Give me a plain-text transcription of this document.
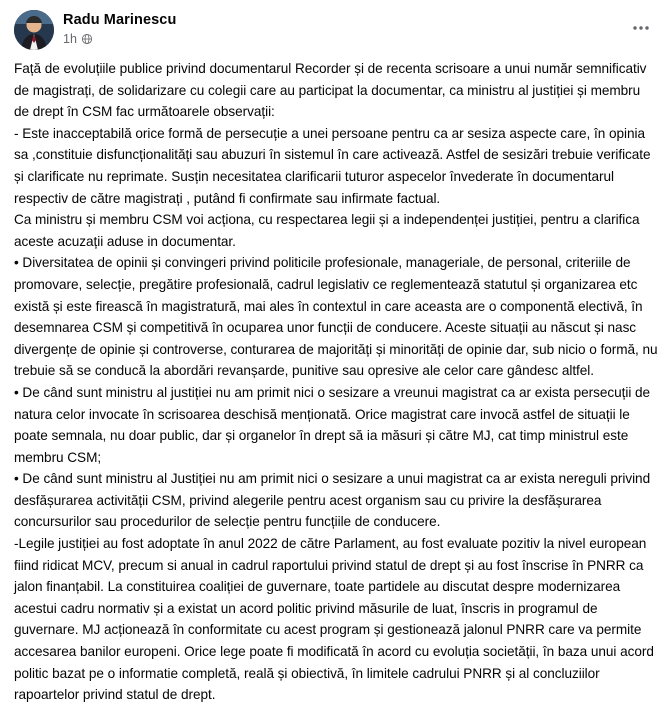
Radu Marinescu
1h

Față de evoluțiile publice privind documentarul Recorder și de recenta scrisoare a unui număr semnificativ de magistrați, de solidarizare cu colegii care au participat la documentar, ca ministru al justiției și membru de drept în CSM fac următoarele observații:

- Este inacceptabilă orice formă de persecuție a unei persoane pentru ca ar sesiza aspecte care, în opinia sa ,constituie disfuncționalități sau abuzuri în sistemul în care activează. Astfel de sesizări trebuie verificate și clarificate nu reprimate. Susțin necesitatea clarificarii tuturor aspecelor învederate în documentarul respectiv de către magistrați , putând fi confirmate sau infirmate factual.

Ca ministru și membru CSM voi acționa, cu respectarea legii și a independenței justiției, pentru a clarifica aceste acuzații aduse in documentar.

• Diversitatea de opinii și convingeri privind politicile profesionale, manageriale, de personal, criteriile de promovare, selecție, pregătire profesională, cadrul legislativ ce reglementează statutul și organizarea etc există și este firească în magistratură, mai ales în contextul in care aceasta are o componentă electivă, în desemnarea CSM și competitivă în ocuparea unor funcții de conducere. Aceste situații au născut și nasc divergențe de opinie și controverse, conturarea de majorități și minorități de opinie dar, sub nicio o formă, nu trebuie să se conducă la abordări revanșarde, punitive sau opresive ale celor care gândesc altfel.

• De când sunt ministru al justiției nu am primit nici o sesizare a vreunui magistrat ca ar exista persecuții de natura celor invocate în scrisoarea deschisă menționată. Orice magistrat care invocă astfel de situații le poate semnala, nu doar public, dar și organelor în drept să ia măsuri și către MJ, cat timp ministrul este membru CSM;

• De când sunt ministru al Justiției nu am primit nici o sesizare a unui magistrat ca ar exista nereguli privind desfășurarea activității CSM, privind alegerile pentru acest organism sau cu privire la desfășurarea concursurilor sau procedurilor de selecție pentru funcțiile de conducere.

-Legile justiției au fost adoptate în anul 2022 de către Parlament, au fost evaluate pozitiv la nivel european fiind ridicat MCV, precum si anual in cadrul raportului privind statul de drept și au fost înscrise în PNRR ca jalon finanțabil. La constituirea coaliției de guvernare, toate partidele au discutat despre modernizarea acestui cadru normativ și a existat un acord politic privind măsurile de luat, înscris in programul de guvernare. MJ acționează în conformitate cu acest program și gestionează jalonul PNRR care va permite accesarea banilor europeni. Orice lege poate fi modificată în acord cu evoluția societății, în baza unui acord politic bazat pe o informatie completă, reală și obiectivă, în limitele cadrului PNRR și al concluziilor rapoartelor privind statul de drept.
